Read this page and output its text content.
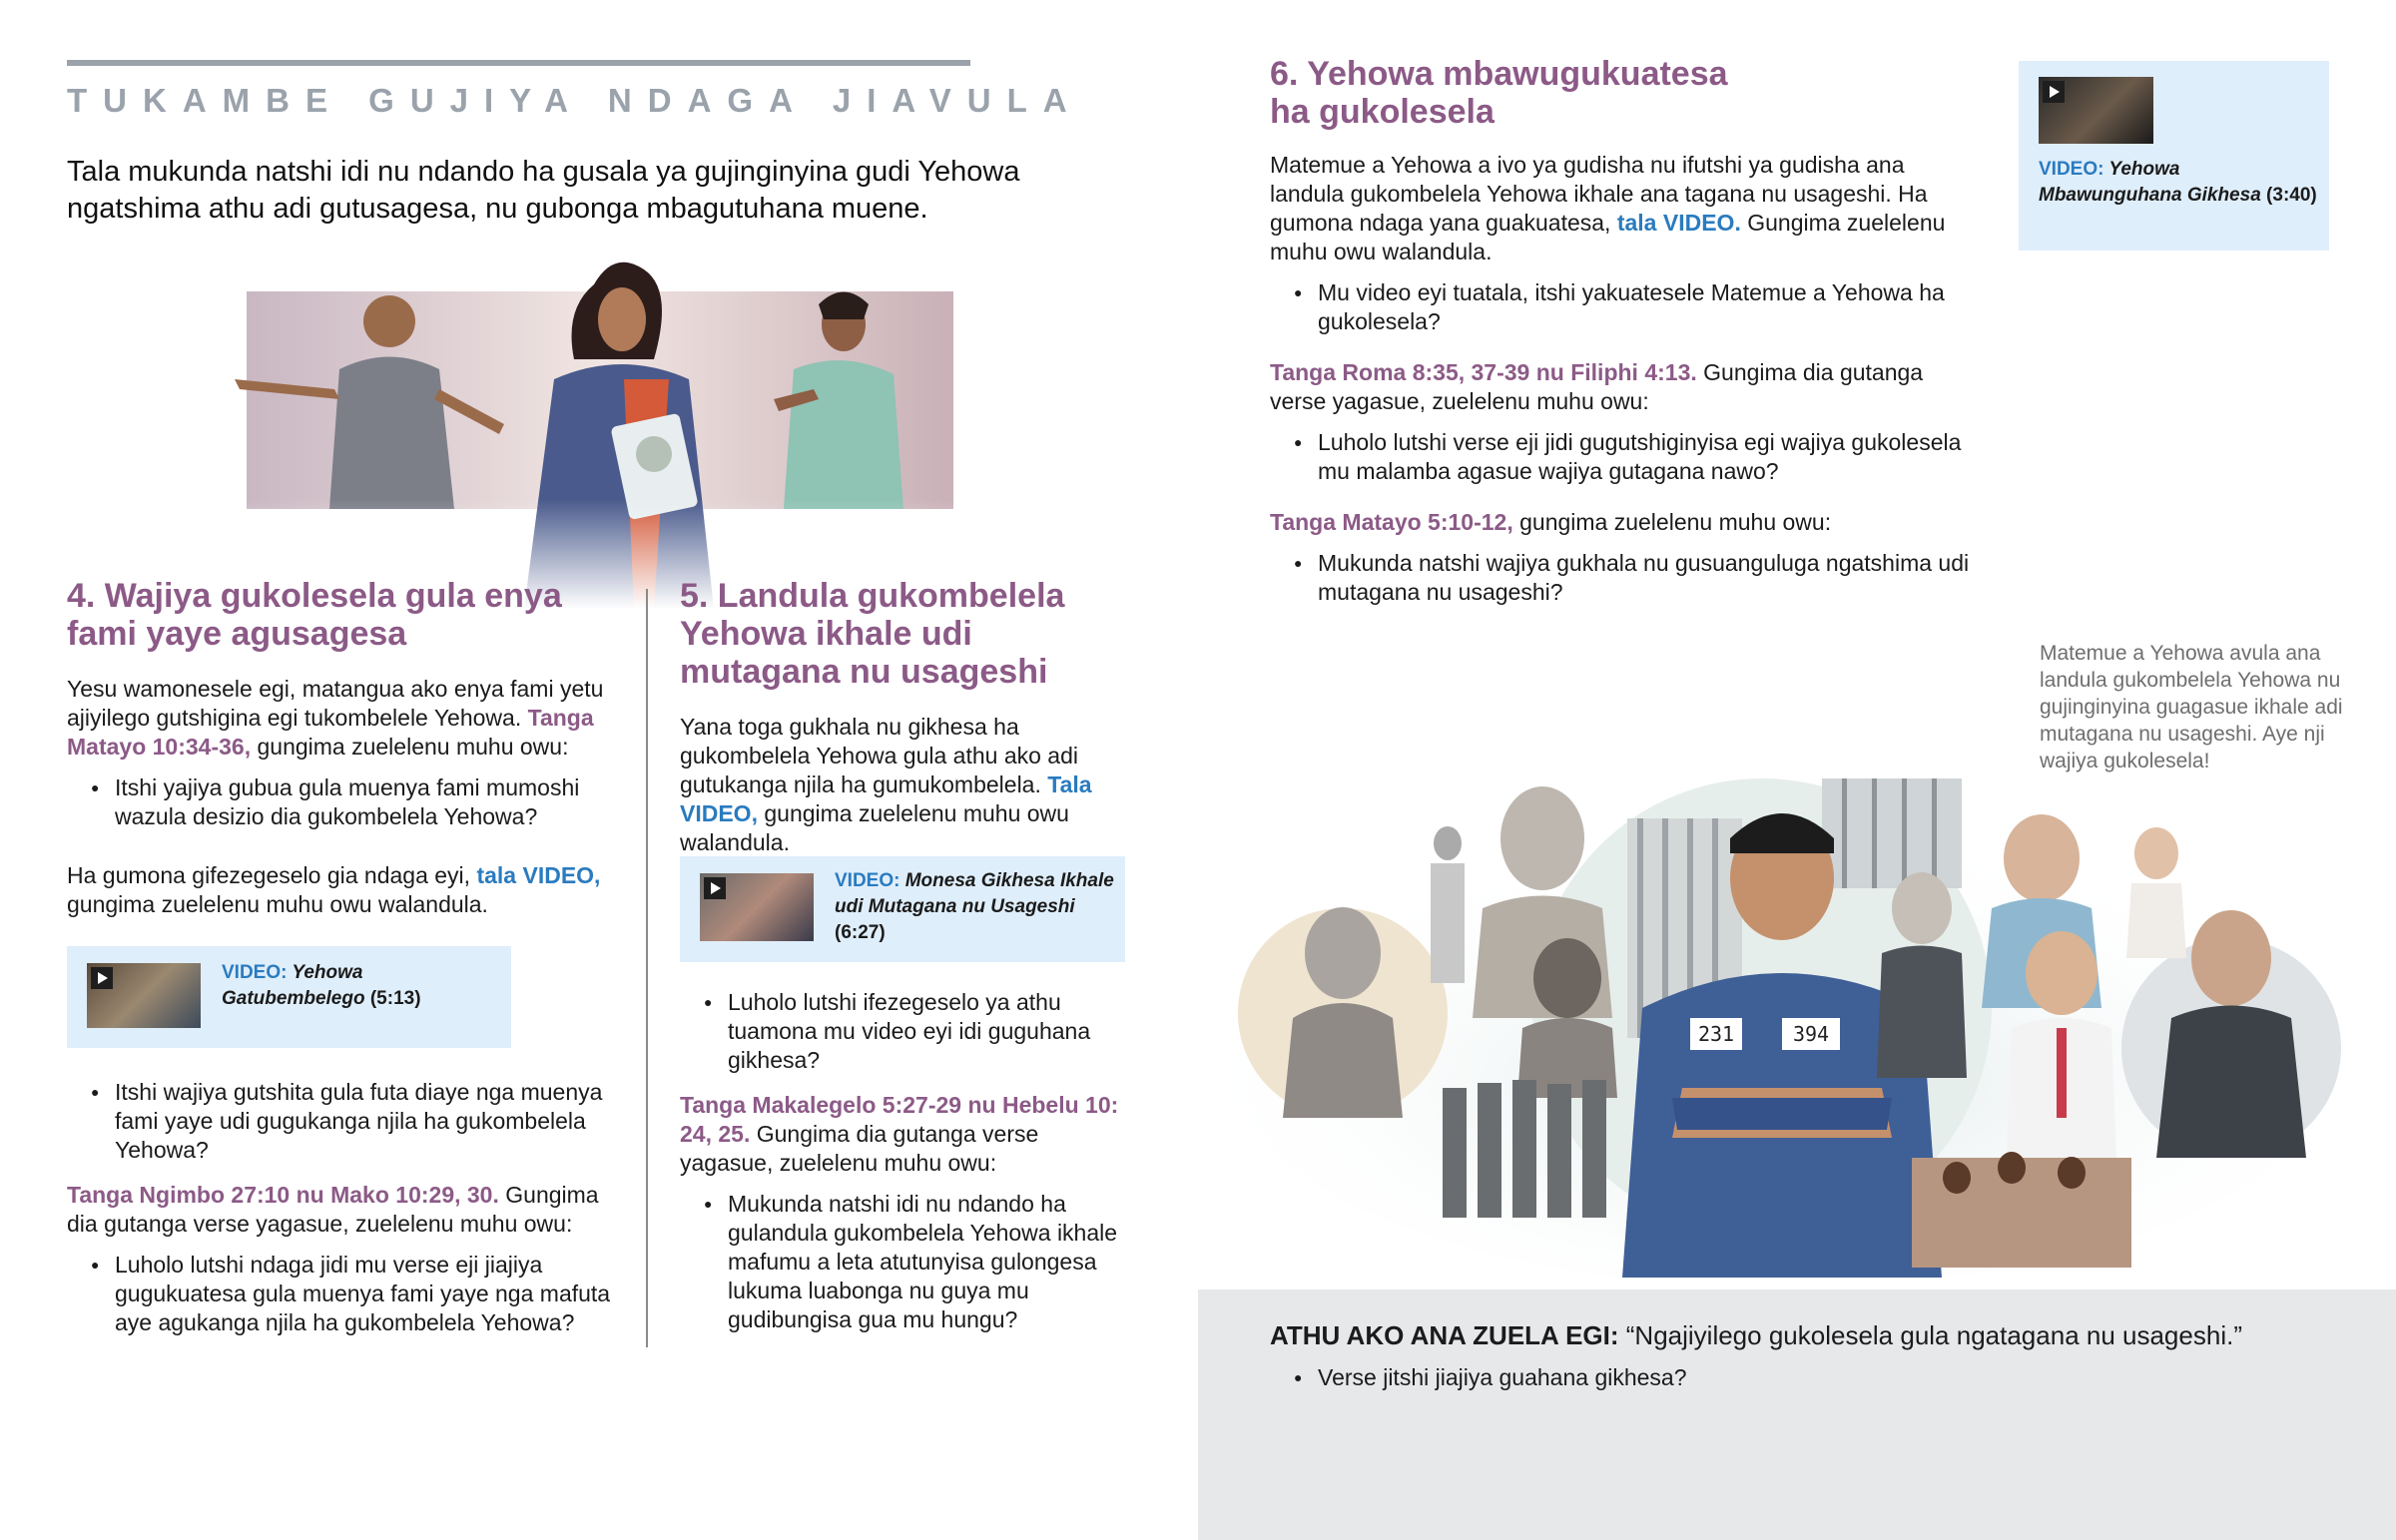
TUKAMBE GUJIYA NDAGA JIAVULA
Tala mukunda natshi idi nu ndando ha gusala ya gujinginyina gudi Yehowa ngatshima athu adi gutusagesa, nu gubonga mbagutuhana muene.
4. Wajiya gukolesela gula enya fami yaye agusagesa
Yesu wamonesele egi, matangua ako enya fami yetu ajiyilego gutshigina egi tukombelele Yehowa. Tanga Matayo 10:34-36, gungima zuelelenu muhu owu:
● Itshi yajiya gubua gula muenya fami mumoshi wazula desizio dia gukombelela Yehowa?
Ha gumona gifezegeselo gia ndaga eyi, tala VIDEO, gungima zuelelenu muhu owu walandula.
VIDEO: Yehowa Gatubembelego (5:13)
● Itshi wajiya gutshita gula futa diaye nga muenya fami yaye udi gugukanga njila ha gukombelela Yehowa?
Tanga Ngimbo 27:10 nu Mako 10:29, 30. Gungima dia gutanga verse yagasue, zuelelenu muhu owu:
● Luholo lutshi ndaga jidi mu verse eji jiajiya gugukuatesa gula muenya fami yaye nga mafuta aye agukanga njila ha gukombelela Yehowa?
5. Landula gukombelela Yehowa ikhale udi mutagana nu usageshi
Yana toga gukhala nu gikhesa ha gukombelela Yehowa gula athu ako adi gutukanga njila ha gumukombelela. Tala VIDEO, gungima zuelelenu muhu owu walandula.
VIDEO: Monesa Gikhesa Ikhale udi Mutagana nu Usageshi (6:27)
● Luholo lutshi ifezegeselo ya athu tuamona mu video eyi idi guguhana gikhesa?
Tanga Makalegelo 5:27-29 nu Hebelu 10: 24, 25. Gungima dia gutanga verse yagasue, zuelelenu muhu owu:
● Mukunda natshi idi nu ndando ha gulandula gukombelela Yehowa ikhale mafumu a leta atutunyisa gulongesa lukuma luabonga nu guya mu gudibungisa gua mu hungu?
6. Yehowa mbawugukuatesa ha gukolesela
Matemue a Yehowa a ivo ya gudisha nu ifutshi ya gudisha ana landula gukombelela Yehowa ikhale ana tagana nu usageshi. Ha gumona ndaga yana guakuatesa, tala VIDEO. Gungima zuelelenu muhu owu walandula.
● Mu video eyi tuatala, itshi yakuatesele Matemue a Yehowa ha gukolesela?
Tanga Roma 8:35, 37-39 nu Filiphi 4:13. Gungima dia gutanga verse yagasue, zuelelenu muhu owu:
● Luholo lutshi verse eji jidi gugutshiginyisa egi wajiya gukolesela mu malamba agasue wajiya gutagana nawo?
Tanga Matayo 5:10-12, gungima zuelelenu muhu owu:
● Mukunda natshi wajiya gukhala nu gusuanguluga ngatshima udi mutagana nu usageshi?
VIDEO: Yehowa Mbawunguhana Gikhesa (3:40)
Matemue a Yehowa avula ana landula gukombelela Yehowa nu gujinginyina guagasue ikhale adi mutagana nu usageshi. Aye nji wajiya gukolesela!
231	394
ATHU AKO ANA ZUELA EGI: “Ngajiyilego gukolesela gula ngatagana nu usageshi.”
● Verse jitshi jiajiya guahana gikhesa?
